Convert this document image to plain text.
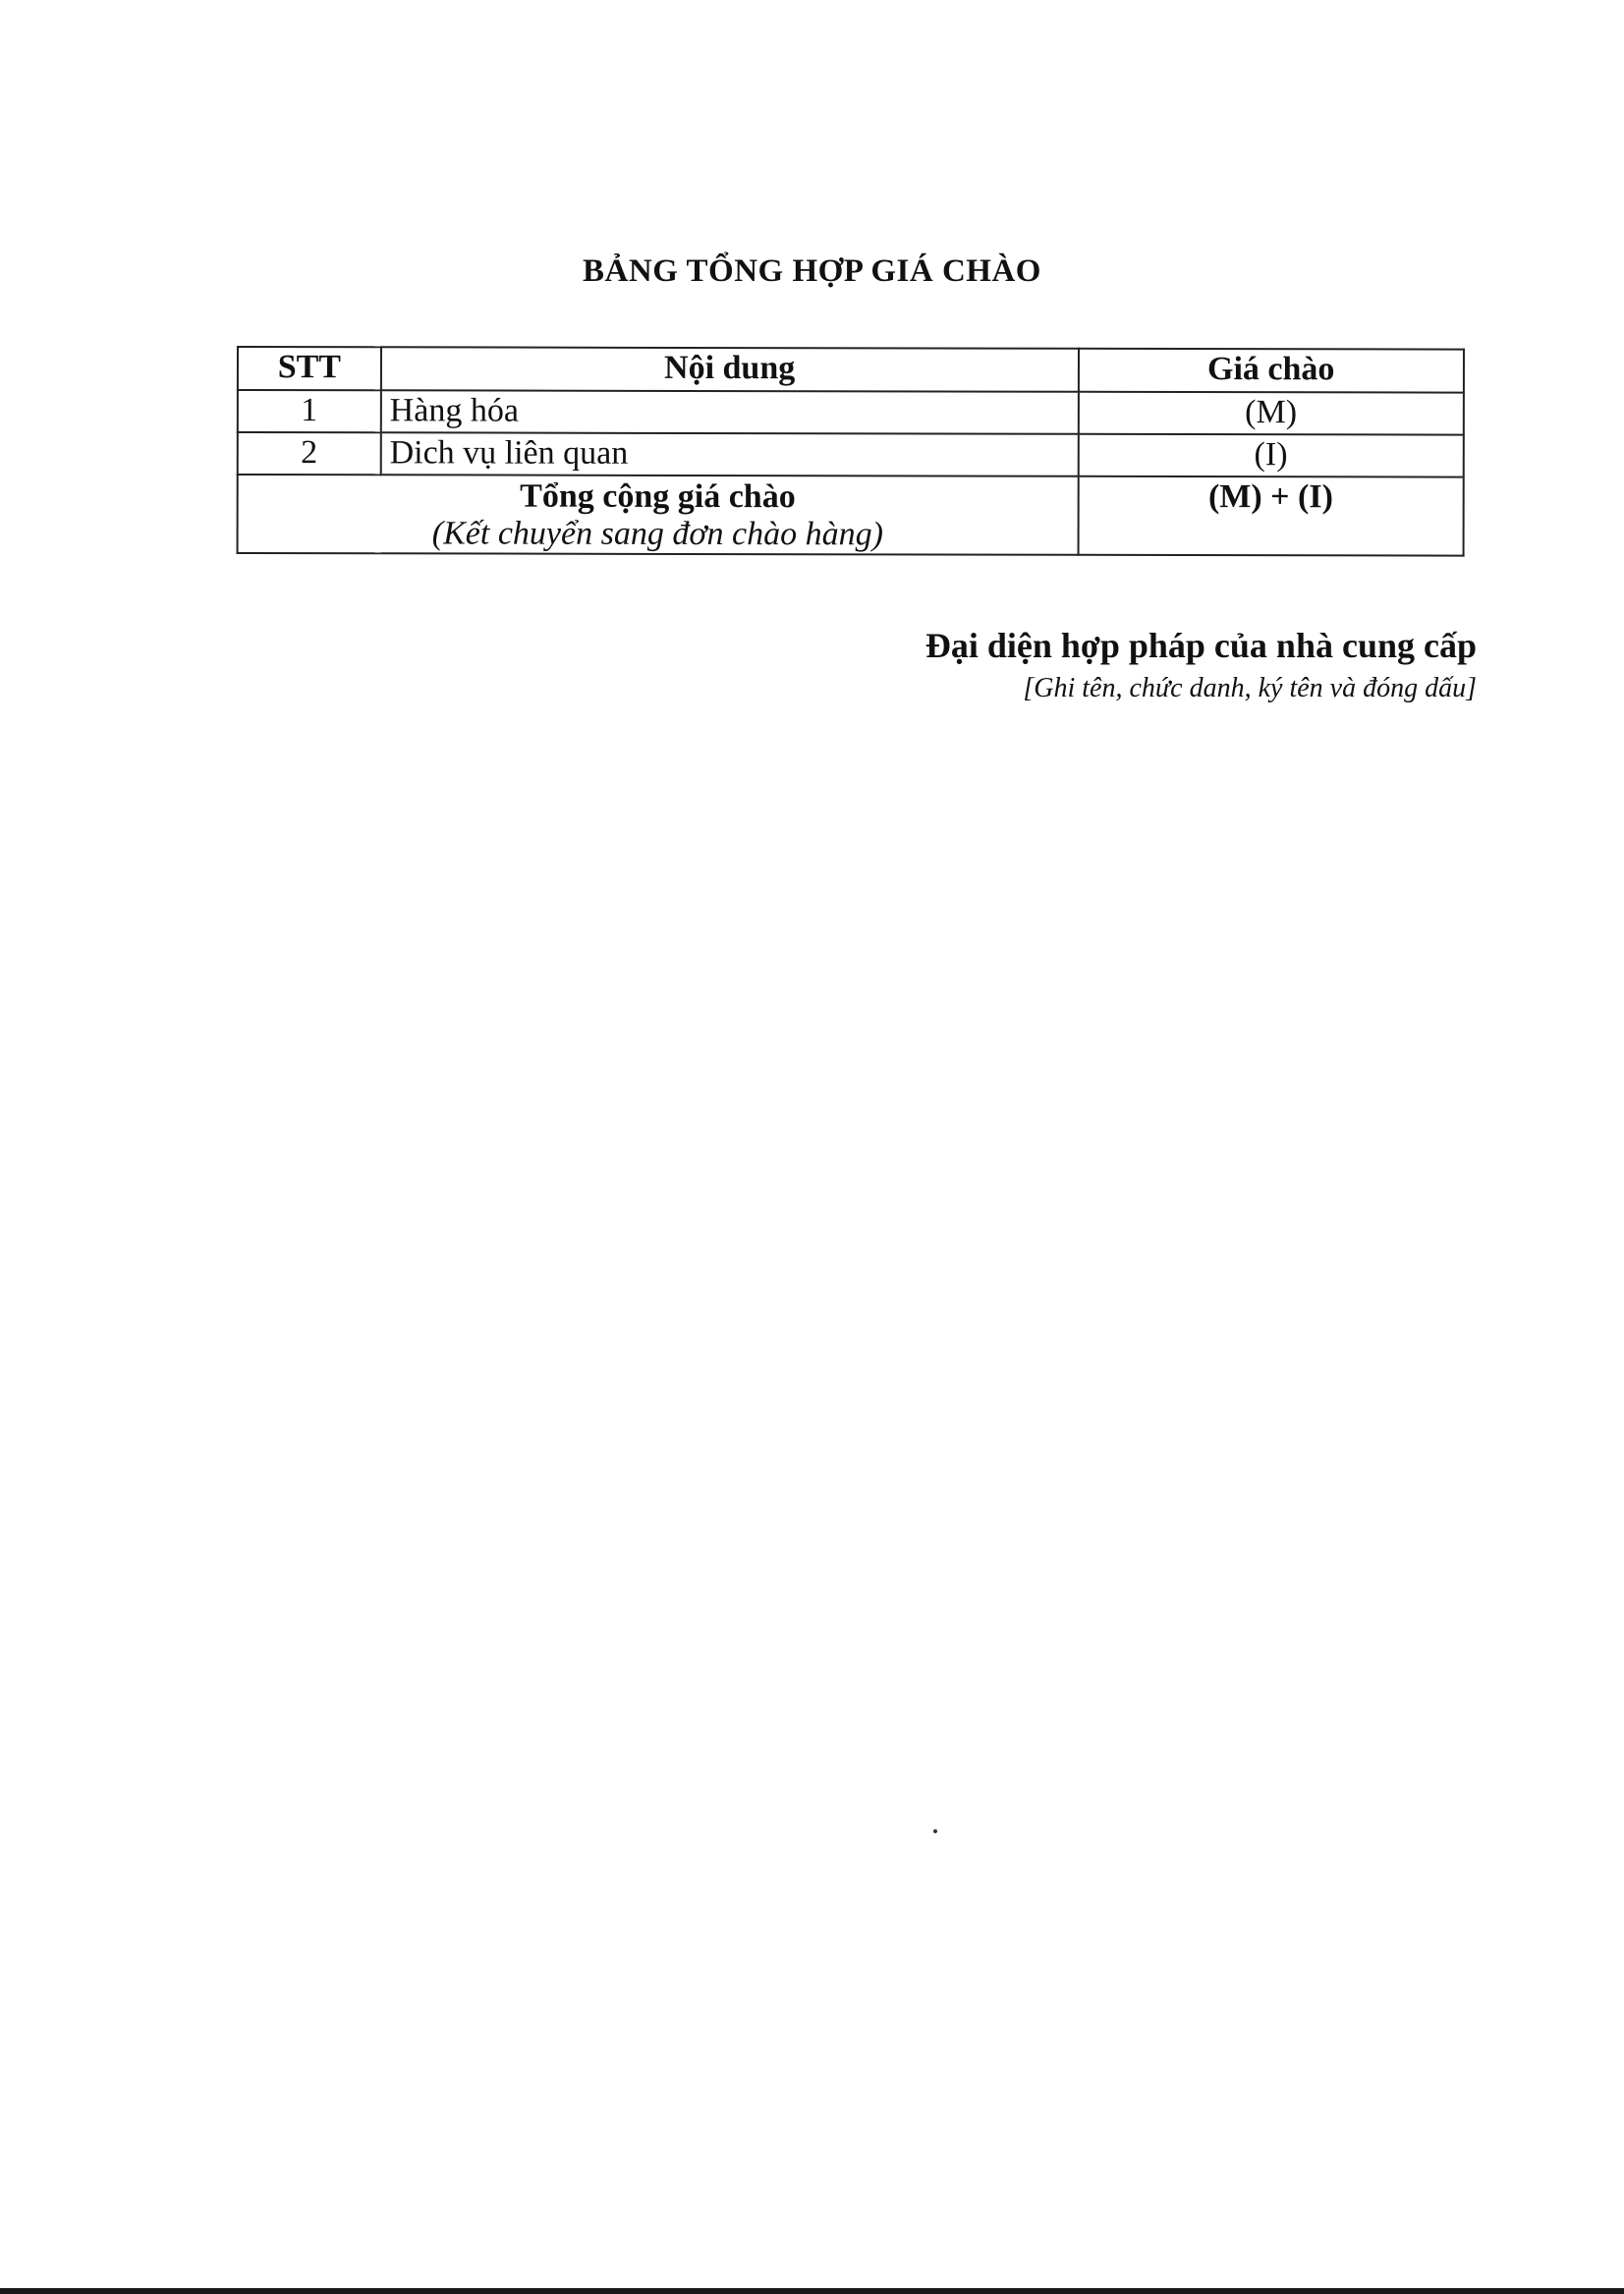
BẢNG TỔNG HỢP GIÁ CHÀO
STT	Nội dung	Giá chào
1	Hàng hóa	(M)
2	Dich vụ liên quan	(I)

Tổng cộng giá chào
(Kết chuyển sang đơn chào hàng)		(M) + (I)
Đại diện hợp pháp của nhà cung cấp
[Ghi tên, chức danh, ký tên và đóng dấu]
